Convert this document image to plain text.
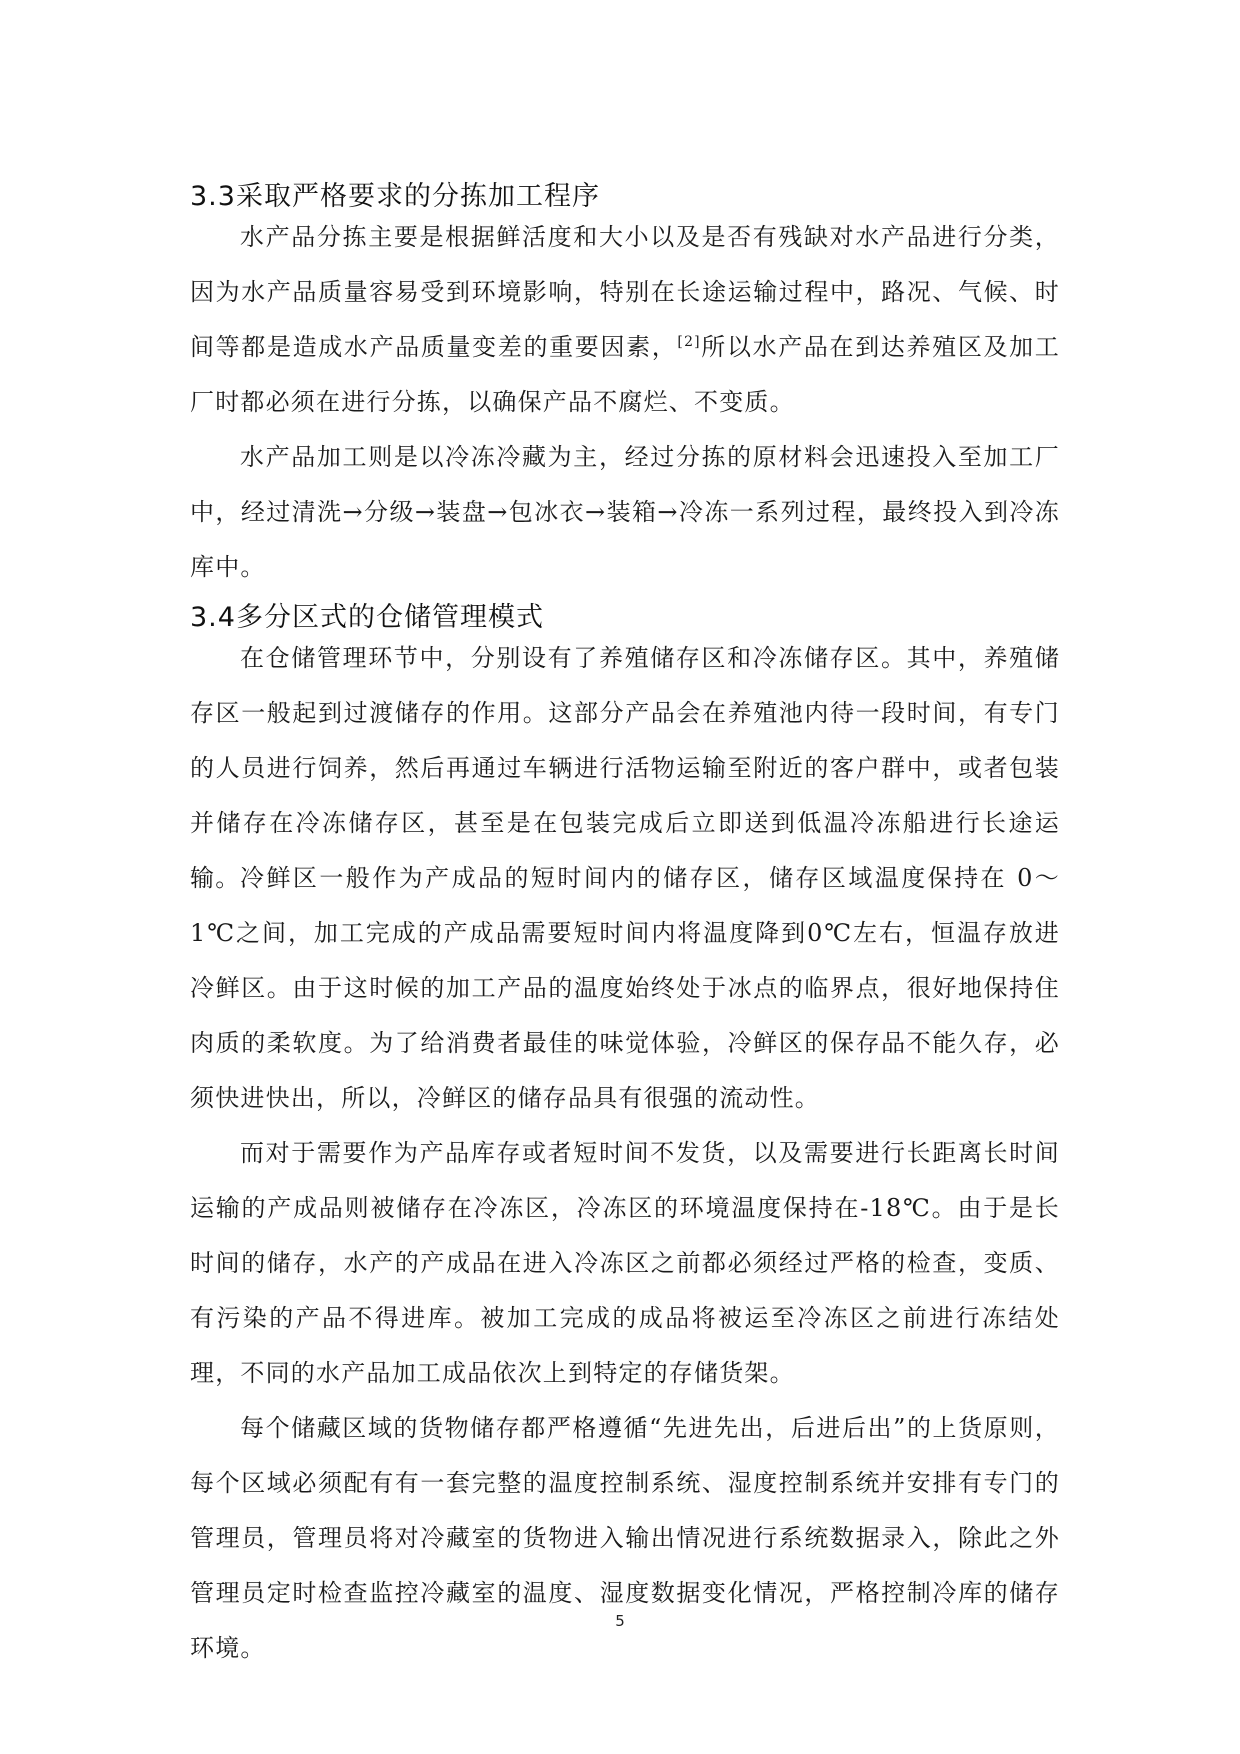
3.3采取严格要求的分拣加工程序

水产品分拣主要是根据鲜活度和大小以及是否有残缺对水产品进行分类，因为水产品质量容易受到环境影响，特别在长途运输过程中，路况、气候、时间等都是造成水产品质量变差的重要因素，[2]所以水产品在到达养殖区及加工厂时都必须在进行分拣，以确保产品不腐烂、不变质。

水产品加工则是以冷冻冷藏为主，经过分拣的原材料会迅速投入至加工厂中，经过清洗→分级→装盘→包冰衣→装箱→冷冻一系列过程，最终投入到冷冻库中。

3.4多分区式的仓储管理模式

在仓储管理环节中，分别设有了养殖储存区和冷冻储存区。其中，养殖储存区一般起到过渡储存的作用。这部分产品会在养殖池内待一段时间，有专门的人员进行饲养，然后再通过车辆进行活物运输至附近的客户群中，或者包装并储存在冷冻储存区，甚至是在包装完成后立即送到低温冷冻船进行长途运输。 冷鲜区一般作为产成品的短时间内的储存区，储存区域温度保持在 0～1℃之间，加工完成的产成品需要短时间内将温度降到0℃左右，恒温存放进冷鲜区。由于这时候的加工产品的温度始终处于冰点的临界点，很好地保持住肉质的柔软度。为了给消费者最佳的味觉体验，冷鲜区的保存品不能久存，必须快进快出，所以，冷鲜区的储存品具有很强的流动性。

而对于需要作为产品库存或者短时间不发货，以及需要进行长距离长时间运输的产成品则被储存在冷冻区，冷冻区的环境温度保持在-18℃。由于是长时间的储存，水产的产成品在进入冷冻区之前都必须经过严格的检查，变质、有污染的产品不得进库。被加工完成的成品将被运至冷冻区之前进行冻结处理，不同的水产品加工成品依次上到特定的存储货架。

每个储藏区域的货物储存都严格遵循“先进先出，后进后出”的上货原则，每个区域必须配有有一套完整的温度控制系统、湿度控制系统并安排有专门的管理员，管理员将对冷藏室的货物进入输出情况进行系统数据录入，除此之外管理员定时检查监控冷藏室的温度、湿度数据变化情况，严格控制冷库的储存环境。

5
